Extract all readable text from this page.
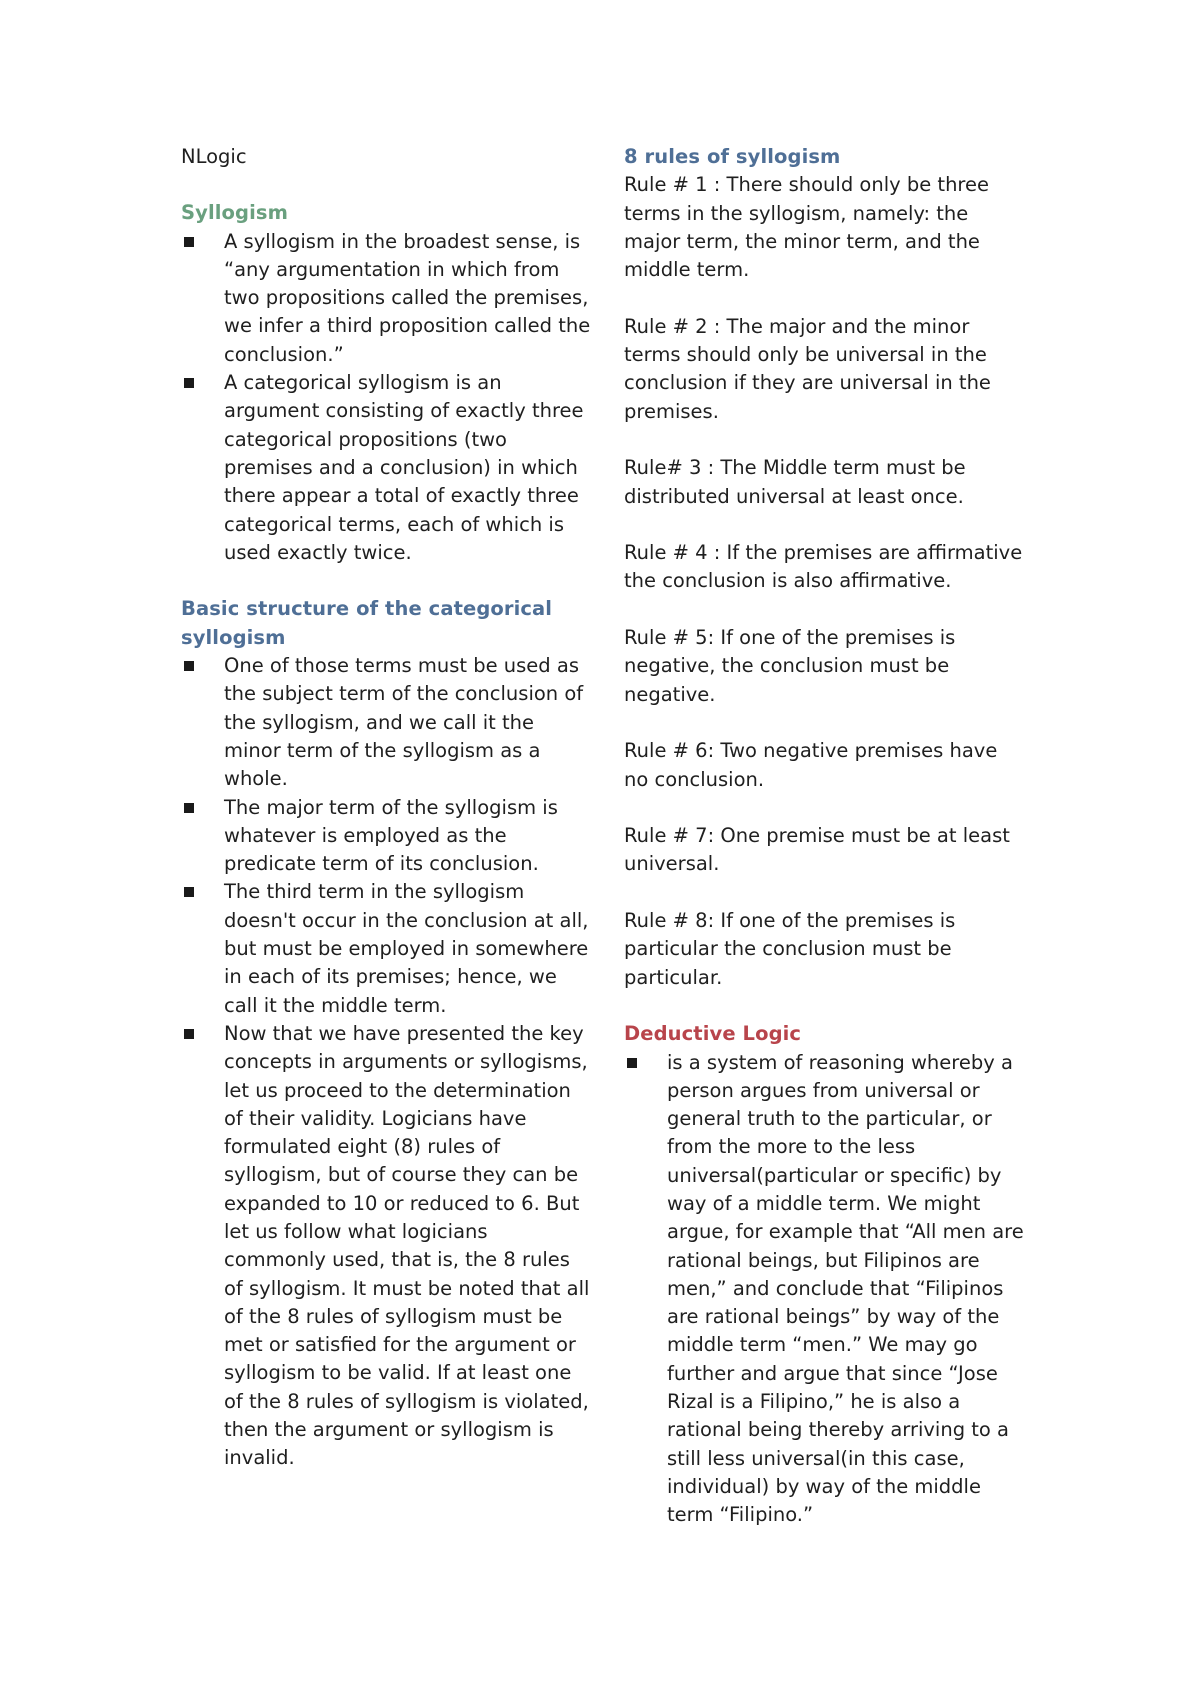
NLogic
Syllogism
A syllogism in the broadest sense, is “any argumentation in which from two propositions called the premises, we infer a third proposition called the conclusion.”
A categorical syllogism is an argument consisting of exactly three categorical propositions (two premises and a conclusion) in which there appear a total of exactly three categorical terms, each of which is used exactly twice.
Basic structure of the categorical syllogism
One of those terms must be used as the subject term of the conclusion of the syllogism, and we call it the minor term of the syllogism as a whole.
The major term of the syllogism is whatever is employed as the predicate term of its conclusion.
The third term in the syllogism doesn't occur in the conclusion at all, but must be employed in somewhere in each of its premises; hence, we call it the middle term.
Now that we have presented the key concepts in arguments or syllogisms, let us proceed to the determination of their validity. Logicians have formulated eight (8) rules of syllogism, but of course they can be expanded to 10 or reduced to 6. But let us follow what logicians commonly used, that is, the 8 rules of syllogism. It must be noted that all of the 8 rules of syllogism must be met or satisfied for the argument or syllogism to be valid. If at least one of the 8 rules of syllogism is violated, then the argument or syllogism is invalid.
8 rules of syllogism

Rule # 1 : There should only be three terms in the syllogism, namely: the major term, the minor term, and the middle term.

Rule # 2 : The major and the minor terms should only be universal in the conclusion if they are universal in the premises.

Rule# 3 : The Middle term must be distributed universal at least once.

Rule # 4 : If the premises are affirmative the conclusion is also affirmative.

Rule # 5: If one of the premises is negative, the conclusion must be negative.

Rule # 6: Two negative premises have no conclusion.

Rule # 7: One premise must be at least universal.

Rule # 8: If one of the premises is particular the conclusion must be particular.

Deductive Logic
is a system of reasoning whereby a person argues from universal or general truth to the particular, or from the more to the less universal(particular or specific) by way of a middle term. We might argue, for example that “All men are rational beings, but Filipinos are men,” and conclude that “Filipinos are rational beings” by way of the middle term “men.” We may go further and argue that since “Jose Rizal is a Filipino,” he is also a rational being thereby arriving to a still less universal(in this case, individual) by way of the middle term “Filipino.”
